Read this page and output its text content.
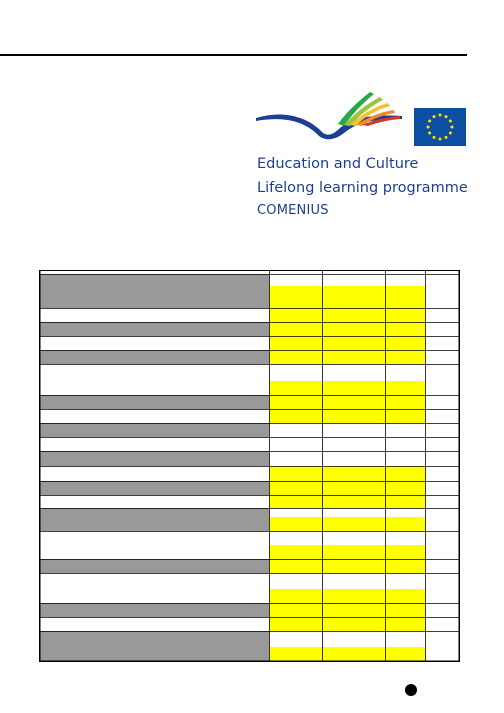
Education and Culture
Lifelong learning programme
COMENIUS
